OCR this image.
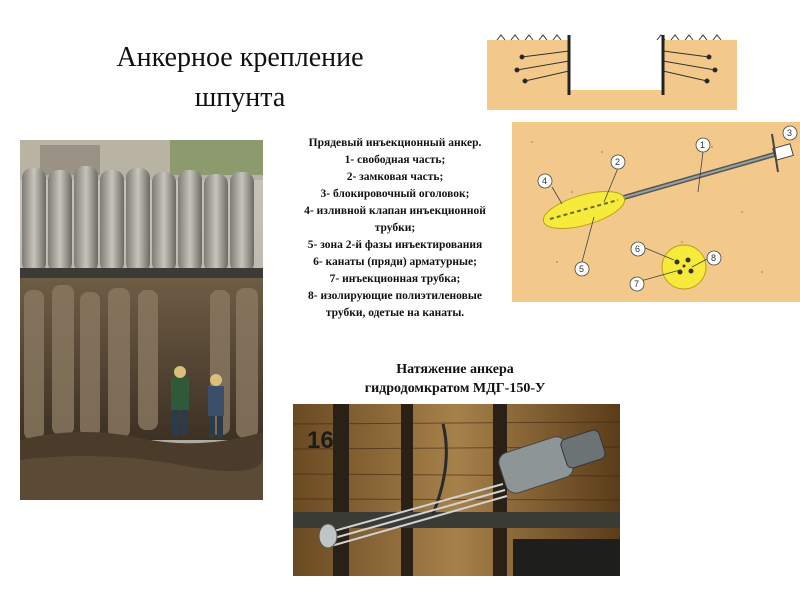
Анкерное крепление
шпунта
Прядевый инъекционный анкер.
1- свободная часть;
2- замковая часть;
3- блокировочный оголовок;
4- изливной клапан инъекционной
трубки;
5- зона 2-й фазы инъектирования
6- канаты (пряди) арматурные;
7- инъекционная трубка;
8- изолирующие полиэтиленовые
трубки, одетые на канаты.
Натяжение анкера
гидродомкратом МДГ-150-У
1
2
3
4
5
6
7
8
16
